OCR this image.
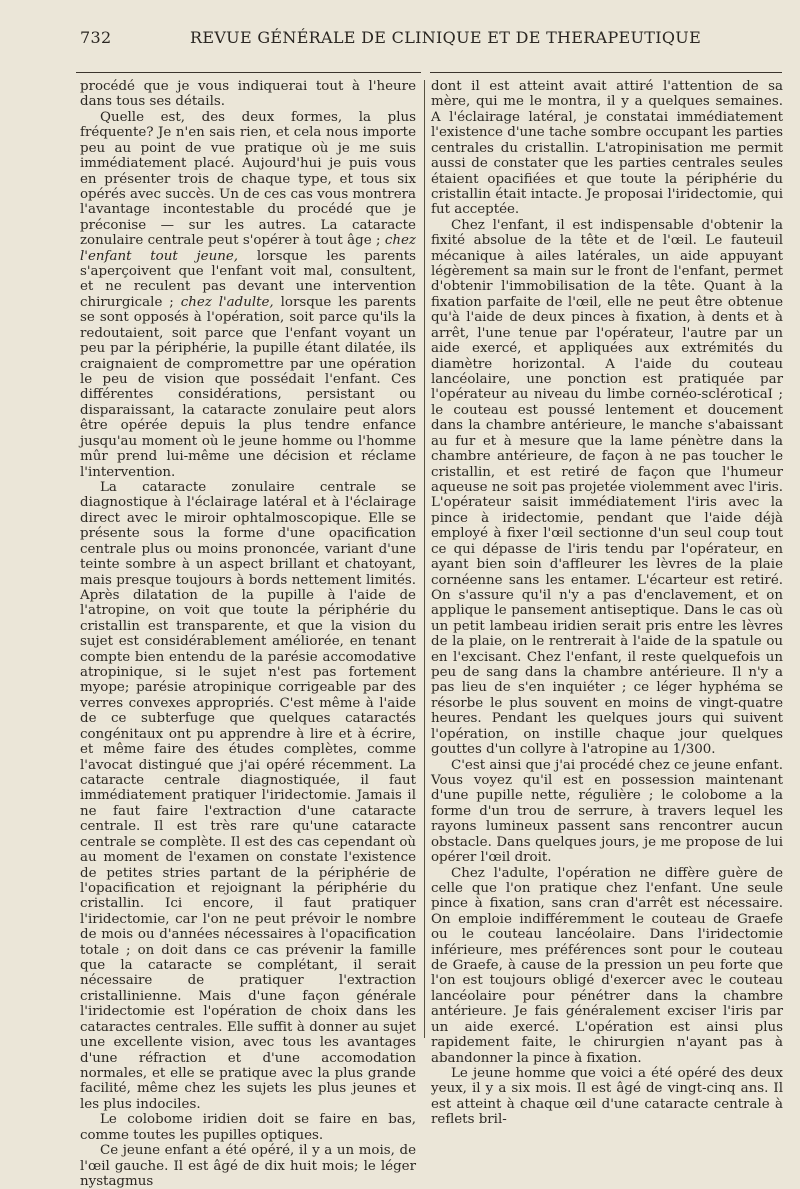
732	REVUE GÉNÉRALE DE CLINIQUE ET DE THERAPEUTIQUE

procédé que je vous indiquerai tout à l'heure dans tous ses détails.

Quelle est, des deux formes, la plus fréquente? Je n'en sais rien, et cela nous importe peu au point de vue pratique où je me suis immédiatement placé. Aujourd'hui je puis vous en présenter trois de chaque type, et tous six opérés avec succès. Un de ces cas vous montrera l'avantage incontestable du procédé que je préconise — sur les autres. La cataracte zonulaire centrale peut s'opérer à tout âge ; chez l'enfant tout jeune, lorsque les parents s'aperçoivent que l'enfant voit mal, consultent, et ne reculent pas devant une intervention chirurgicale ; chez l'adulte, lorsque les parents se sont opposés à l'opération, soit parce qu'ils la redoutaient, soit parce que l'enfant voyant un peu par la périphérie, la pupille étant dilatée, ils craignaient de compromettre par une opération le peu de vision que possédait l'enfant. Ces différentes considérations, persistant ou disparaissant, la cataracte zonulaire peut alors être opérée depuis la plus tendre enfance jusqu'au moment où le jeune homme ou l'homme mûr prend lui-même une décision et réclame l'intervention.

La cataracte zonulaire centrale se diagnostique à l'éclairage latéral et à l'éclairage direct avec le miroir ophtalmoscopique. Elle se présente sous la forme d'une opacification centrale plus ou moins prononcée, variant d'une teinte sombre à un aspect brillant et chatoyant, mais presque toujours à bords nettement limités. Après dilatation de la pupille à l'aide de l'atropine, on voit que toute la périphérie du cristallin est transparente, et que la vision du sujet est considérablement améliorée, en tenant compte bien entendu de la parésie accomodative atropinique, si le sujet n'est pas fortement myope; parésie atropinique corrigeable par des verres convexes appropriés. C'est même à l'aide de ce subterfuge que quelques cataractés congénitaux ont pu apprendre à lire et à écrire, et même faire des études complètes, comme l'avocat distingué que j'ai opéré récemment. La cataracte centrale diagnostiquée, il faut immédiatement pratiquer l'iridectomie. Jamais il ne faut faire l'extraction d'une cataracte centrale. Il est très rare qu'une cataracte centrale se complète. Il est des cas cependant où au moment de l'examen on constate l'existence de petites stries partant de la périphérie de l'opacification et rejoignant la périphérie du cristallin. Ici encore, il faut pratiquer l'iridectomie, car l'on ne peut prévoir le nombre de mois ou d'années nécessaires à l'opacification totale ; on doit dans ce cas prévenir la famille que la cataracte se complétant, il serait nécessaire de pratiquer l'extraction cristallinienne. Mais d'une façon générale l'iridectomie est l'opération de choix dans les cataractes centrales. Elle suffit à donner au sujet une excellente vision, avec tous les avantages d'une réfraction et d'une accomodation normales, et elle se pratique avec la plus grande facilité, même chez les sujets les plus jeunes et les plus indociles.

Le colobome iridien doit se faire en bas, comme toutes les pupilles optiques.

Ce jeune enfant a été opéré, il y a un mois, de l'œil gauche. Il est âgé de dix huit mois; le léger nystagmus

dont il est atteint avait attiré l'attention de sa mère, qui me le montra, il y a quelques semaines. A l'éclairage latéral, je constatai immédiatement l'existence d'une tache sombre occupant les parties centrales du cristallin. L'atropinisation me permit aussi de constater que les parties centrales seules étaient opacifiées et que toute la périphérie du cristallin était intacte. Je proposai l'iridectomie, qui fut acceptée.

Chez l'enfant, il est indispensable d'obtenir la fixité absolue de la tête et de l'œil. Le fauteuil mécanique à ailes latérales, un aide appuyant légèrement sa main sur le front de l'enfant, permet d'obtenir l'immobilisation de la tête. Quant à la fixation parfaite de l'œil, elle ne peut être obtenue qu'à l'aide de deux pinces à fixation, à dents et à arrêt, l'une tenue par l'opérateur, l'autre par un aide exercé, et appliquées aux extrémités du diamètre horizontal. A l'aide du couteau lancéolaire, une ponction est pratiquée par l'opérateur au niveau du limbe cornéo-scléroticaI ; le couteau est poussé lentement et doucement dans la chambre antérieure, le manche s'abaissant au fur et à mesure que la lame pénètre dans la chambre antérieure, de façon à ne pas toucher le cristallin, et est retiré de façon que l'humeur aqueuse ne soit pas projetée violemment avec l'iris. L'opérateur saisit immédiatement l'iris avec la pince à iridectomie, pendant que l'aide déjà employé à fixer l'œil sectionne d'un seul coup tout ce qui dépasse de l'iris tendu par l'opérateur, en ayant bien soin d'affleurer les lèvres de la plaie cornéenne sans les entamer. L'écarteur est retiré. On s'assure qu'il n'y a pas d'enclavement, et on applique le pansement antiseptique. Dans le cas où un petit lambeau iridien serait pris entre les lèvres de la plaie, on le rentrerait à l'aide de la spatule ou en l'excisant. Chez l'enfant, il reste quelquefois un peu de sang dans la chambre antérieure. Il n'y a pas lieu de s'en inquiéter ; ce léger hyphéma se résorbe le plus souvent en moins de vingt-quatre heures. Pendant les quelques jours qui suivent l'opération, on instille chaque jour quelques gouttes d'un collyre à l'atropine au 1/300.

C'est ainsi que j'ai procédé chez ce jeune enfant. Vous voyez qu'il est en possession maintenant d'une pupille nette, régulière ; le colobome a la forme d'un trou de serrure, à travers lequel les rayons lumineux passent sans rencontrer aucun obstacle. Dans quelques jours, je me propose de lui opérer l'œil droit.

Chez l'adulte, l'opération ne diffère guère de celle que l'on pratique chez l'enfant. Une seule pince à fixation, sans cran d'arrêt est nécessaire. On emploie indifféremment le couteau de Graefe ou le couteau lancéolaire. Dans l'iridectomie inférieure, mes préférences sont pour le couteau de Graefe, à cause de la pression un peu forte que l'on est toujours obligé d'exercer avec le couteau lancéolaire pour pénétrer dans la chambre antérieure. Je fais généralement exciser l'iris par un aide exercé. L'opération est ainsi plus rapidement faite, le chirurgien n'ayant pas à abandonner la pince à fixation.

Le jeune homme que voici a été opéré des deux yeux, il y a six mois. Il est âgé de vingt-cinq ans. Il est atteint à chaque œil d'une cataracte centrale à reflets bril-
